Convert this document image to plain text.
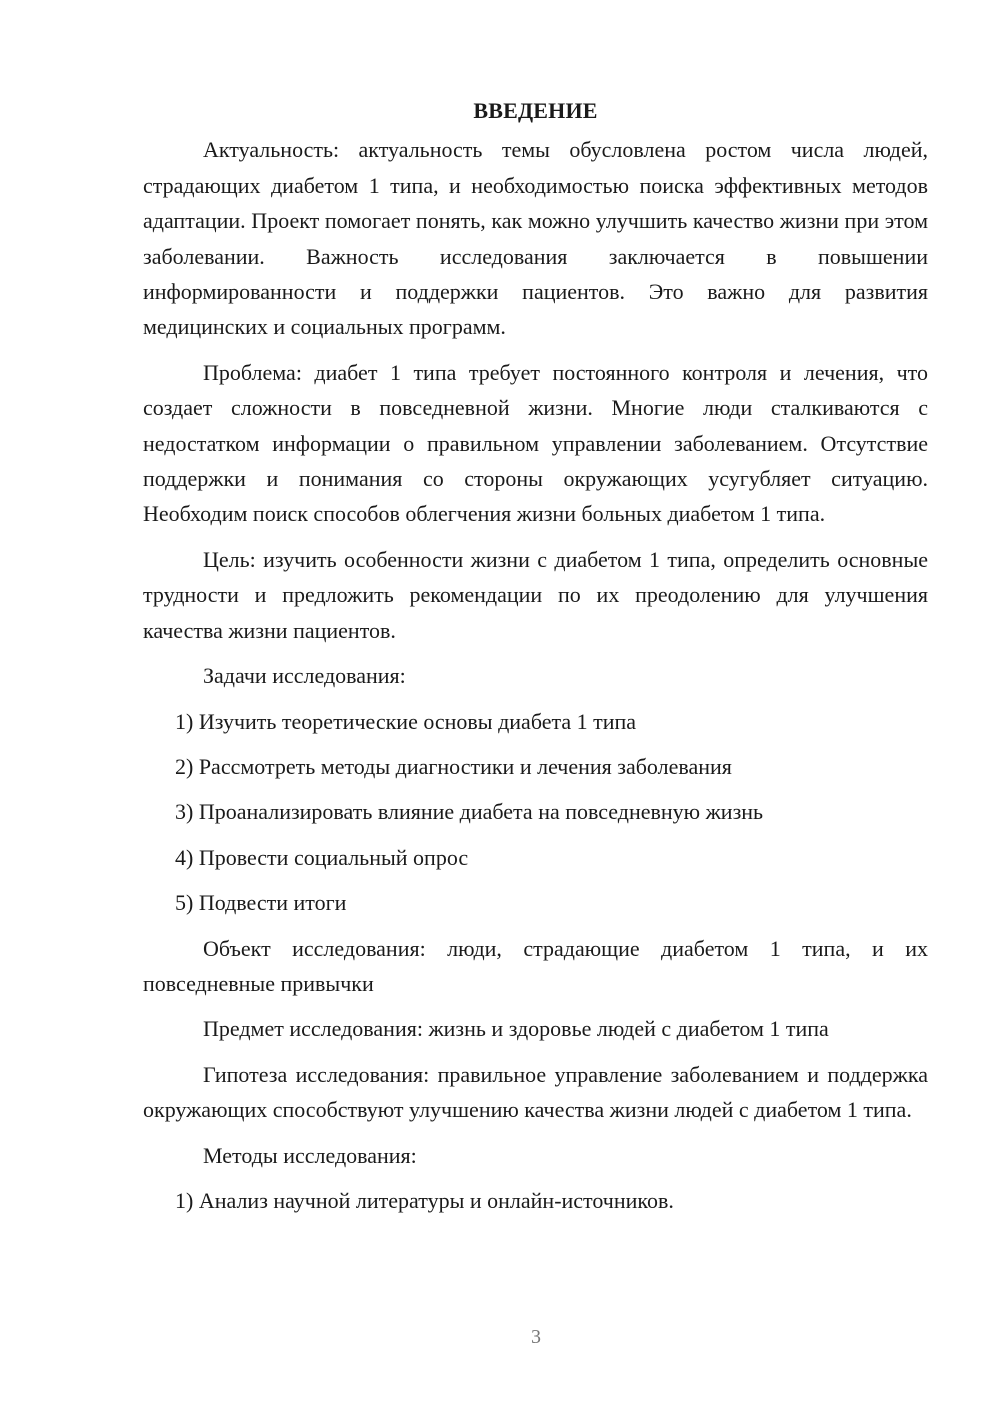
ВВЕДЕНИЕ

Актуальность: актуальность темы обусловлена ростом числа людей, страдающих диабетом 1 типа, и необходимостью поиска эффективных методов адаптации. Проект помогает понять, как можно улучшить качество жизни при этом заболевании. Важность исследования заключается в повышении информированности и поддержки пациентов. Это важно для развития медицинских и социальных программ.

Проблема: диабет 1 типа требует постоянного контроля и лечения, что создает сложности в повседневной жизни. Многие люди сталкиваются с недостатком информации о правильном управлении заболеванием. Отсутствие поддержки и понимания со стороны окружающих усугубляет ситуацию. Необходим поиск способов облегчения жизни больных диабетом 1 типа.

Цель: изучить особенности жизни с диабетом 1 типа, определить основные трудности и предложить рекомендации по их преодолению для улучшения качества жизни пациентов.

Задачи исследования:

1) Изучить теоретические основы диабета 1 типа

2) Рассмотреть методы диагностики и лечения заболевания

3) Проанализировать влияние диабета на повседневную жизнь

4) Провести социальный опрос

5) Подвести итоги

Объект исследования: люди, страдающие диабетом 1 типа, и их повседневные привычки

Предмет исследования: жизнь и здоровье людей с диабетом 1 типа

Гипотеза исследования: правильное управление заболеванием и поддержка окружающих способствуют улучшению качества жизни людей с диабетом 1 типа.

Методы исследования:

1) Анализ научной литературы и онлайн-источников.

3
